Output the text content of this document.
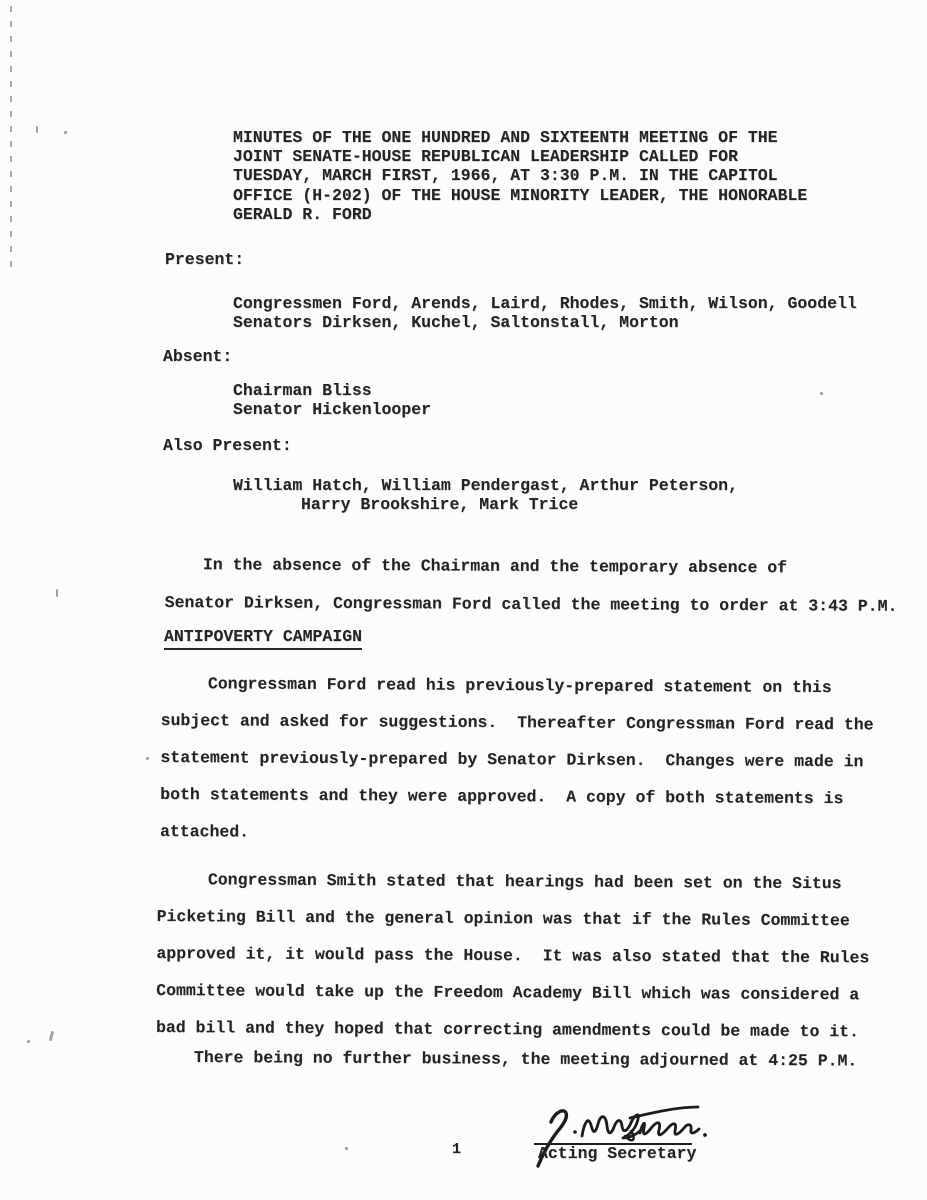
MINUTES OF THE ONE HUNDRED AND SIXTEENTH MEETING OF THE
JOINT SENATE-HOUSE REPUBLICAN LEADERSHIP CALLED FOR
TUESDAY, MARCH FIRST, 1966, AT 3:30 P.M. IN THE CAPITOL
OFFICE (H-202) OF THE HOUSE MINORITY LEADER, THE HONORABLE
GERALD R. FORD
Present:
Congressmen Ford, Arends, Laird, Rhodes, Smith, Wilson, Goodell
Senators Dirksen, Kuchel, Saltonstall, Morton
Absent:
Chairman Bliss
Senator Hickenlooper
Also Present:
William Hatch, William Pendergast, Arthur Peterson,
Harry Brookshire, Mark Trice
In the absence of the Chairman and the temporary absence of
Senator Dirksen, Congressman Ford called the meeting to order at 3:43 P.M.
ANTIPOVERTY CAMPAIGN
Congressman Ford read his previously-prepared statement on this
subject and asked for suggestions.  Thereafter Congressman Ford read the
statement previously-prepared by Senator Dirksen.  Changes were made in
both statements and they were approved.  A copy of both statements is
attached.
Congressman Smith stated that hearings had been set on the Situs
Picketing Bill and the general opinion was that if the Rules Committee
approved it, it would pass the House.  It was also stated that the Rules
Committee would take up the Freedom Academy Bill which was considered a
bad bill and they hoped that correcting amendments could be made to it.
There being no further business, the meeting adjourned at 4:25 P.M.
Acting Secretary
1
